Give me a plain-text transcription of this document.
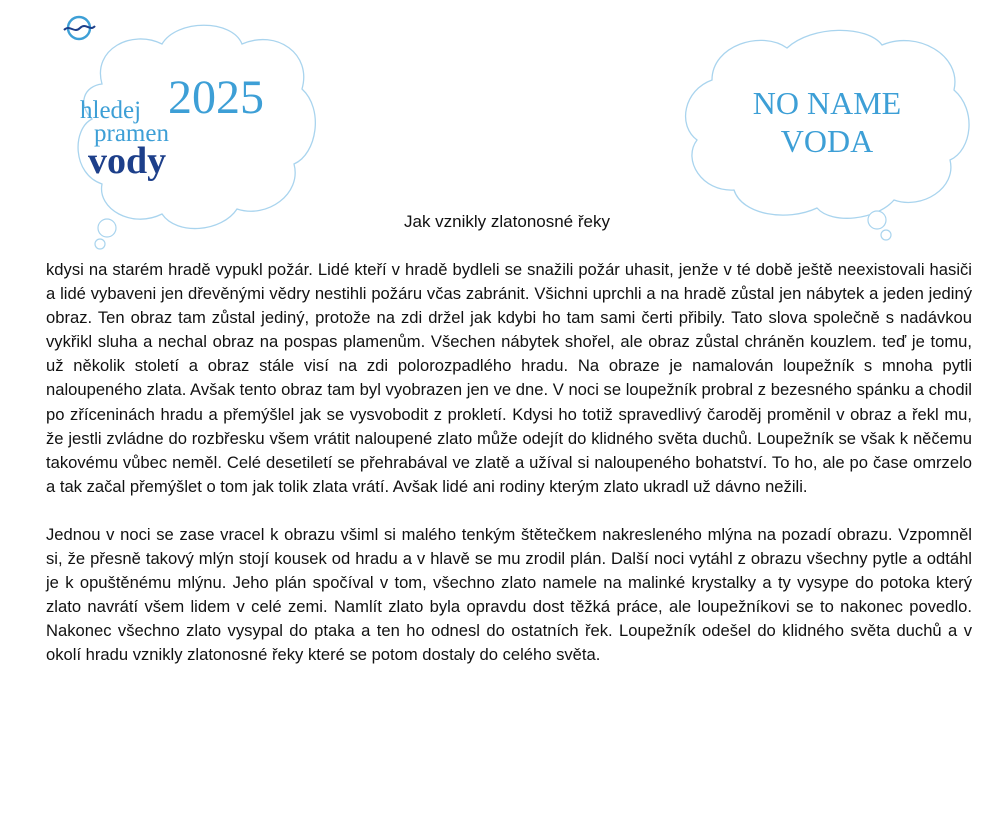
2025
hledej
pramen
vody
NO NAME
VODA
Jak vznikly zlatonosné řeky

kdysi na starém hradě vypukl požár. Lidé kteří v hradě bydleli se snažili požár uhasit, jenže v té době ještě neexistovali hasiči a lidé vybaveni jen dřevěnými vědry nestihli požáru včas zabránit. Všichni uprchli a na hradě zůstal jen nábytek a jeden jediný obraz. Ten obraz tam zůstal jediný, protože na zdi držel jak kdybi ho tam sami čerti přibily. Tato slova společně s nadávkou vykřikl sluha a nechal obraz na pospas plamenům. Všechen nábytek shořel, ale obraz zůstal chráněn kouzlem. teď je tomu, už několik století a obraz stále visí na zdi polorozpadlého hradu. Na obraze je namalován loupežník s mnoha pytli naloupeného zlata. Avšak tento obraz tam byl vyobrazen jen ve dne. V noci se loupežník probral z bezesného spánku a chodil po zříceninách hradu a přemýšlel jak se vysvobodit z prokletí. Kdysi ho totiž spravedlivý čaroděj proměnil v obraz a řekl mu, že jestli zvládne do rozbřesku všem vrátit naloupené zlato může odejít do klidného světa duchů. Loupežník se však k něčemu takovému vůbec neměl. Celé desetiletí se přehrabával ve zlatě a užíval si naloupeného bohatství. To ho, ale po čase omrzelo a tak začal přemýšlet o tom jak tolik zlata vrátí. Avšak lidé ani rodiny kterým zlato ukradl už dávno nežili.

Jednou v noci se zase vracel k obrazu všiml si malého tenkým štětečkem nakresleného mlýna na pozadí obrazu. Vzpomněl si, že přesně takový mlýn stojí kousek od hradu a v hlavě se mu zrodil plán. Další noci vytáhl z obrazu všechny pytle a odtáhl je k opuštěnému mlýnu. Jeho plán spočíval v tom, všechno zlato namele na malinké krystalky a ty vysype do potoka který zlato navrátí všem lidem v celé zemi. Namlít zlato byla opravdu dost těžká práce, ale loupežníkovi se to nakonec povedlo. Nakonec všechno zlato vysypal do ptaka a ten ho odnesl do ostatních řek. Loupežník odešel do klidného světa duchů a v okolí hradu vznikly zlatonosné řeky které se potom dostaly do celého světa.
